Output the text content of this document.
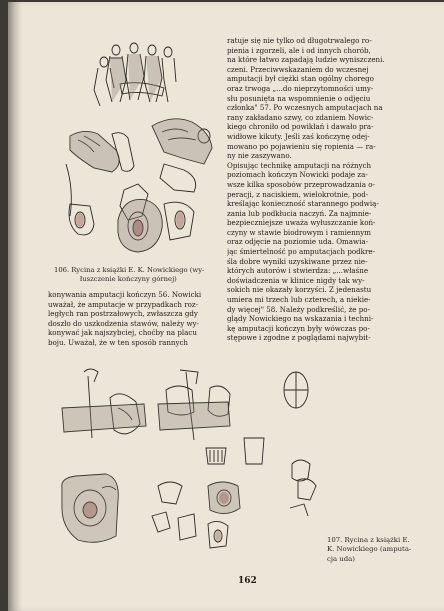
106. Rycina z książki E. K. Nowickiego (wy-
łuszczenie kończyny górnej)
ratuje się nie tylko od długotrwalego ro-
pienia i zgorzeli, ale i od innych chorób,
na które łatwo zapadają ludzie wyniszczeni.
czeni. Przeciwwskazaniem do wczesnej
amputacji był ciężki stan ogólny chorego
oraz trwoga „...do nieprzytomności umy-
słu posunięta na wspomnienie o odjęciu
członka" 57. Po wczesnych amputacjach na
rany zakładano szwy, co zdaniem Nowic-
kiego chroniło od powikłań i dawało pra-
widłowe kikuty. Jeśli zaś kończynę odej-
mowano po pojawieniu się ropienia — ra-
ny nie zaszywano.
Opisując technikę amputacji na różnych
poziomach kończyn Nowicki podaje za-
wsze kilka sposobów przeprowadzania o-
peracji, z naciskiem, wielokrotnie, pod-
kreślając konieczność starannego podwią-
zania lub podkłucia naczyń. Za najmnie-
bezpieczniejsze uważa wyłuszczanie koń-
czyny w stawie biodrowym i ramiennym
oraz odjęcie na poziomie uda. Omawia-
jąc śmiertelność po amputacjach podkre-
śla dobre wyniki uzyskiwane przez nie-
których autorów i stwierdza: „...właśne
doświadczenia w klinice nigdy tak wy-
sokich nie okazały korzyści. Z jedenastu
umiera mi trzech lub czterech, a niekie-
dy więcej" 58. Należy podkreślić, że po-
glądy Nowickiego na wskazania i techni-
kę amputacji kończyn były wówczas po-
stępowe i zgodne z poglądami najwybit-
konywania amputacji kończyn 56. Nowicki
uważał, że amputacje w przypadkach roz-
ległych ran postrzałowych, zwłaszcza gdy
doszło do uszkodzenia stawów, należy wy-
konywać jak najszybciej, choćby na placu
boju. Uważał, że w ten sposób rannych
107. Rycina z książki E.
K. Nowickiego (amputa-
cja uda)
162
